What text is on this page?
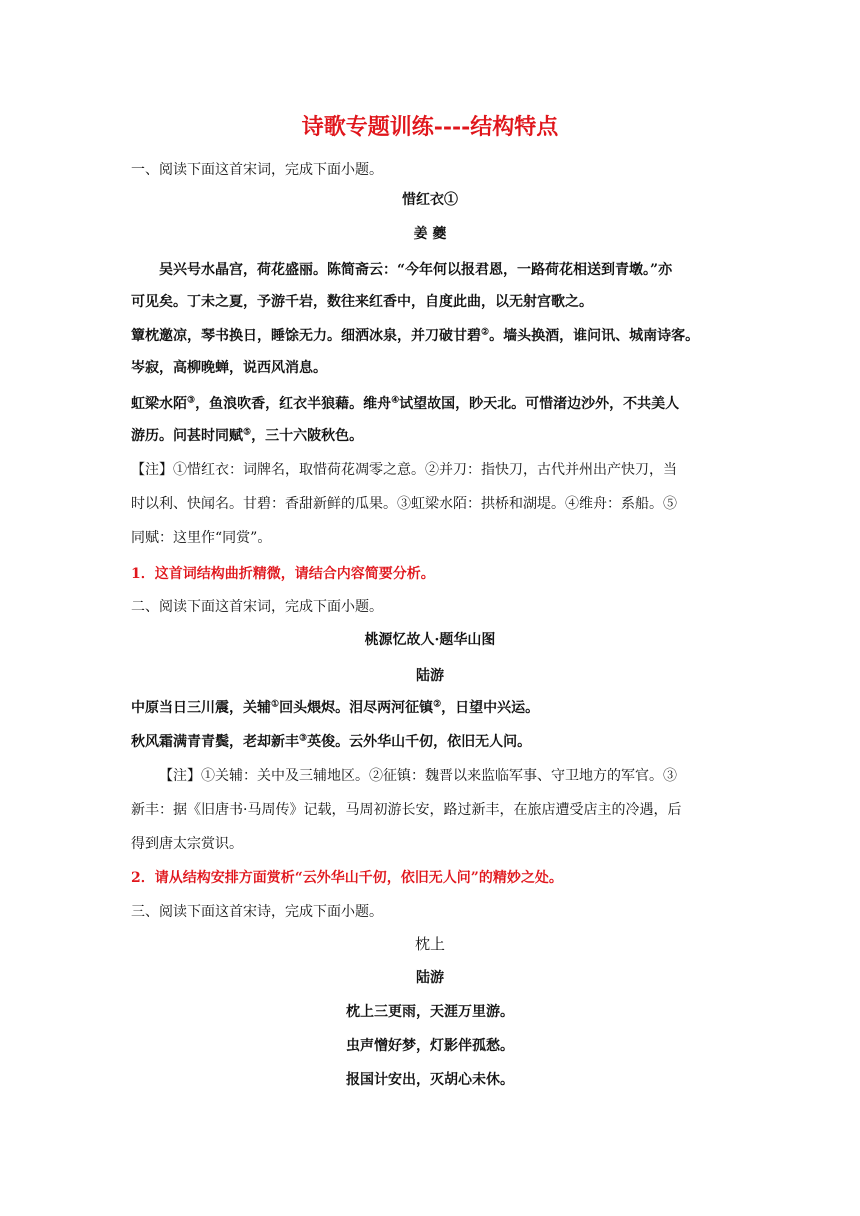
诗歌专题训练----结构特点
一、阅读下面这首宋词，完成下面小题。
惜红衣①
姜 夔
吴兴号水晶宫，荷花盛丽。陈简斋云：“今年何以报君恩，一路荷花相送到青墩。”亦
可见矣。丁未之夏，予游千岩，数往来红香中，自度此曲，以无射宫歌之。
簟枕邀凉，琴书换日，睡馀无力。细洒冰泉，并刀破甘碧②。墙头换酒，谁问讯、城南诗客。
岑寂，高柳晚蝉，说西风消息。
虹梁水陌③，鱼浪吹香，红衣半狼藉。维舟④试望故国，眇天北。可惜渚边沙外，不共美人
游历。问甚时同赋⑤，三十六陂秋色。
【注】①惜红衣：词牌名，取惜荷花凋零之意。②并刀：指快刀，古代并州出产快刀，当
时以利、快闻名。甘碧：香甜新鲜的瓜果。③虹梁水陌：拱桥和湖堤。④维舟：系船。⑤
同赋：这里作“同赏”。
1．这首词结构曲折精微，请结合内容简要分析。
二、阅读下面这首宋词，完成下面小题。
桃源忆故人·题华山图
陆游
中原当日三川震，关辅①回头煨烬。泪尽两河征镇②，日望中兴运。
秋风霜满青青鬓，老却新丰③英俊。云外华山千仞，依旧无人问。
【注】①关辅：关中及三辅地区。②征镇：魏晋以来监临军事、守卫地方的军官。③
新丰：据《旧唐书·马周传》记载，马周初游长安，路过新丰，在旅店遭受店主的冷遇，后
得到唐太宗赏识。
2．请从结构安排方面赏析“云外华山千仞，依旧无人问”的精妙之处。
三、阅读下面这首宋诗，完成下面小题。
枕上
陆游
枕上三更雨，天涯万里游。
虫声憎好梦，灯影伴孤愁。
报国计安出，灭胡心未休。
